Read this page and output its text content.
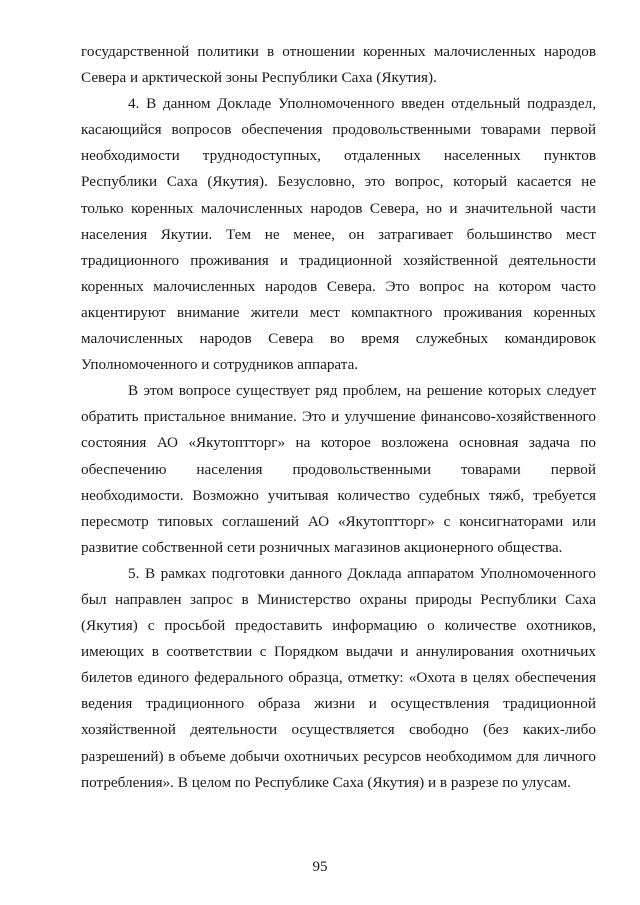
государственной политики в отношении коренных малочисленных народов Севера и арктической зоны Республики Саха (Якутия).

4. В данном Докладе Уполномоченного введен отдельный подраздел, касающийся вопросов обеспечения продовольственными товарами первой необходимости труднодоступных, отдаленных населенных пунктов Республики Саха (Якутия). Безусловно, это вопрос, который касается не только коренных малочисленных народов Севера, но и значительной части населения Якутии. Тем не менее, он затрагивает большинство мест традиционного проживания и традиционной хозяйственной деятельности коренных малочисленных народов Севера. Это вопрос на котором часто акцентируют внимание жители мест компактного проживания коренных малочисленных народов Севера во время служебных командировок Уполномоченного и сотрудников аппарата.

В этом вопросе существует ряд проблем, на решение которых следует обратить пристальное внимание. Это и улучшение финансово-хозяйственного состояния АО «Якутоптторг» на которое возложена основная задача по обеспечению населения продовольственными товарами первой необходимости. Возможно учитывая количество судебных тяжб, требуется пересмотр типовых соглашений АО «Якутоптторг» с консигнаторами или развитие собственной сети розничных магазинов акционерного общества.

5. В рамках подготовки данного Доклада аппаратом Уполномоченного был направлен запрос в Министерство охраны природы Республики Саха (Якутия) с просьбой предоставить информацию о количестве охотников, имеющих в соответствии с Порядком выдачи и аннулирования охотничьих билетов единого федерального образца, отметку: «Охота в целях обеспечения ведения традиционного образа жизни и осуществления традиционной хозяйственной деятельности осуществляется свободно (без каких-либо разрешений) в объеме добычи охотничьих ресурсов необходимом для личного потребления». В целом по Республике Саха (Якутия) и в разрезе по улусам.

95
